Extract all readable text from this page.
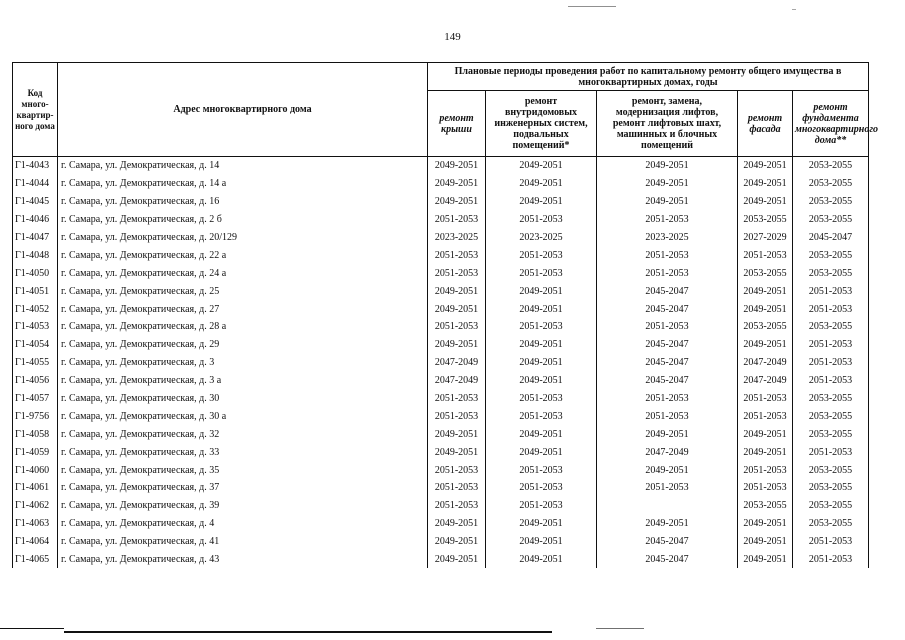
149
Код много-квартир-ного дома	Адрес многоквартирного дома	Плановые периоды проведения работ по капитальному ремонту общего имущества в многоквартирных домах, годы				
		ремонт крыши	ремонт внутридомовых инженерных систем, подвальных помещений*	ремонт, замена, модернизация лифтов, ремонт лифтовых шахт, машинных и блочных помещений	ремонт фасада	ремонт фундамента многоквартирного дома**
Г1-4043	г. Самара, ул. Демократическая, д. 14	2049-2051	2049-2051	2049-2051	2049-2051	2053-2055
Г1-4044	г. Самара, ул. Демократическая, д. 14 а	2049-2051	2049-2051	2049-2051	2049-2051	2053-2055
Г1-4045	г. Самара, ул. Демократическая, д. 16	2049-2051	2049-2051	2049-2051	2049-2051	2053-2055
Г1-4046	г. Самара, ул. Демократическая, д. 2 б	2051-2053	2051-2053	2051-2053	2053-2055	2053-2055
Г1-4047	г. Самара, ул. Демократическая, д. 20/129	2023-2025	2023-2025	2023-2025	2027-2029	2045-2047
Г1-4048	г. Самара, ул. Демократическая, д. 22 а	2051-2053	2051-2053	2051-2053	2051-2053	2053-2055
Г1-4050	г. Самара, ул. Демократическая, д. 24 а	2051-2053	2051-2053	2051-2053	2053-2055	2053-2055
Г1-4051	г. Самара, ул. Демократическая, д. 25	2049-2051	2049-2051	2045-2047	2049-2051	2051-2053
Г1-4052	г. Самара, ул. Демократическая, д. 27	2049-2051	2049-2051	2045-2047	2049-2051	2051-2053
Г1-4053	г. Самара, ул. Демократическая, д. 28 а	2051-2053	2051-2053	2051-2053	2053-2055	2053-2055
Г1-4054	г. Самара, ул. Демократическая, д. 29	2049-2051	2049-2051	2045-2047	2049-2051	2051-2053
Г1-4055	г. Самара, ул. Демократическая, д. 3	2047-2049	2049-2051	2045-2047	2047-2049	2051-2053
Г1-4056	г. Самара, ул. Демократическая, д. 3 а	2047-2049	2049-2051	2045-2047	2047-2049	2051-2053
Г1-4057	г. Самара, ул. Демократическая, д. 30	2051-2053	2051-2053	2051-2053	2051-2053	2053-2055
Г1-9756	г. Самара, ул. Демократическая, д. 30 а	2051-2053	2051-2053	2051-2053	2051-2053	2053-2055
Г1-4058	г. Самара, ул. Демократическая, д. 32	2049-2051	2049-2051	2049-2051	2049-2051	2053-2055
Г1-4059	г. Самара, ул. Демократическая, д. 33	2049-2051	2049-2051	2047-2049	2049-2051	2051-2053
Г1-4060	г. Самара, ул. Демократическая, д. 35	2051-2053	2051-2053	2049-2051	2051-2053	2053-2055
Г1-4061	г. Самара, ул. Демократическая, д. 37	2051-2053	2051-2053	2051-2053	2051-2053	2053-2055
Г1-4062	г. Самара, ул. Демократическая, д. 39	2051-2053	2051-2053		2053-2055	2053-2055
Г1-4063	г. Самара, ул. Демократическая, д. 4	2049-2051	2049-2051	2049-2051	2049-2051	2053-2055
Г1-4064	г. Самара, ул. Демократическая, д. 41	2049-2051	2049-2051	2045-2047	2049-2051	2051-2053
Г1-4065	г. Самара, ул. Демократическая, д. 43	2049-2051	2049-2051	2045-2047	2049-2051	2051-2053
